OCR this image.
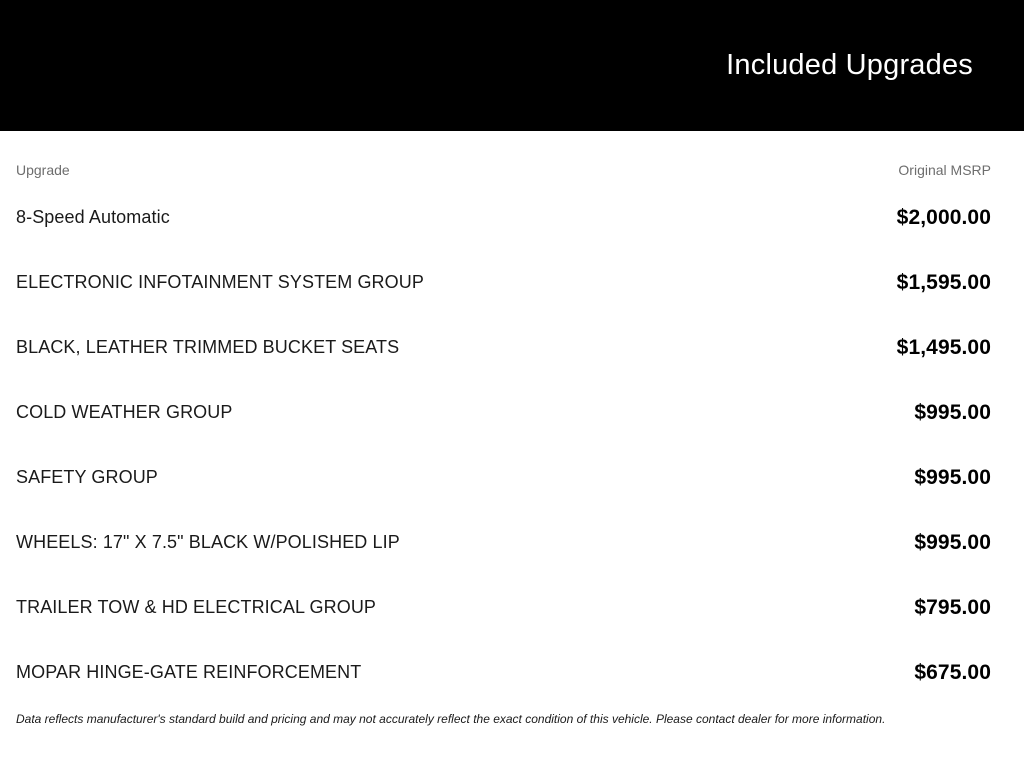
Included Upgrades
Upgrade	Original MSRP
8-Speed Automatic	$2,000.00
ELECTRONIC INFOTAINMENT SYSTEM GROUP	$1,595.00
BLACK, LEATHER TRIMMED BUCKET SEATS	$1,495.00
COLD WEATHER GROUP	$995.00
SAFETY GROUP	$995.00
WHEELS: 17" X 7.5" BLACK W/POLISHED LIP	$995.00
TRAILER TOW & HD ELECTRICAL GROUP	$795.00
MOPAR HINGE-GATE REINFORCEMENT	$675.00
Data reflects manufacturer's standard build and pricing and may not accurately reflect the exact condition of this vehicle. Please contact dealer for more information.
